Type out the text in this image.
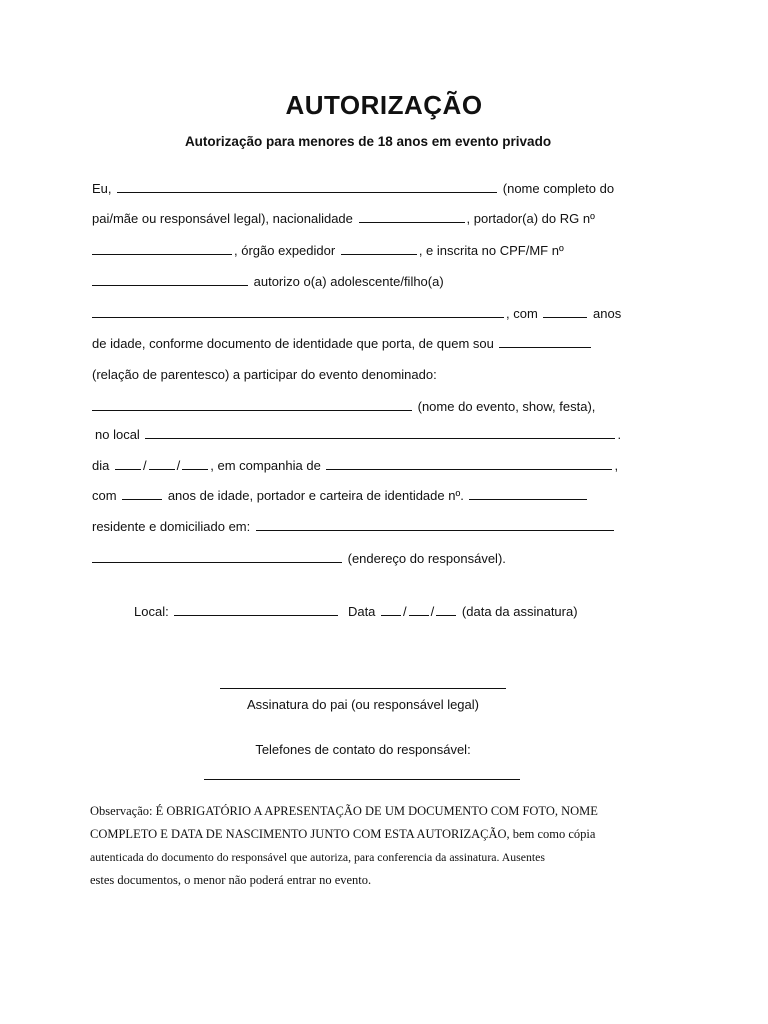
AUTORIZAÇÃO
Autorização para menores de 18 anos em evento privado
Eu,	(nome completo do
pai/mãe ou responsável legal), nacionalidade	, portador(a) do RG nº
, órgão expedidor	, e inscrita no CPF/MF nº
autorizo o(a) adolescente/filho(a)
, com	anos
de idade, conforme documento de identidade que porta, de quem sou
(relação de parentesco) a participar do evento denominado:
(nome do evento, show, festa),
no local	.
dia	/ / , em companhia de	,
com	anos de idade, portador e carteira de identidade nº.
residente e domiciliado em:
(endereço do responsável).
Local:	Data / / (data da assinatura)
Assinatura do pai (ou responsável legal)
Telefones de contato do responsável:
Observação: É OBRIGATÓRIO A APRESENTAÇÃO DE UM DOCUMENTO COM FOTO, NOME
COMPLETO E DATA DE NASCIMENTO JUNTO COM ESTA AUTORIZAÇÃO, bem como cópia
autenticada do documento do responsável que autoriza, para conferencia da assinatura. Ausentes
estes documentos, o menor não poderá entrar no evento.
